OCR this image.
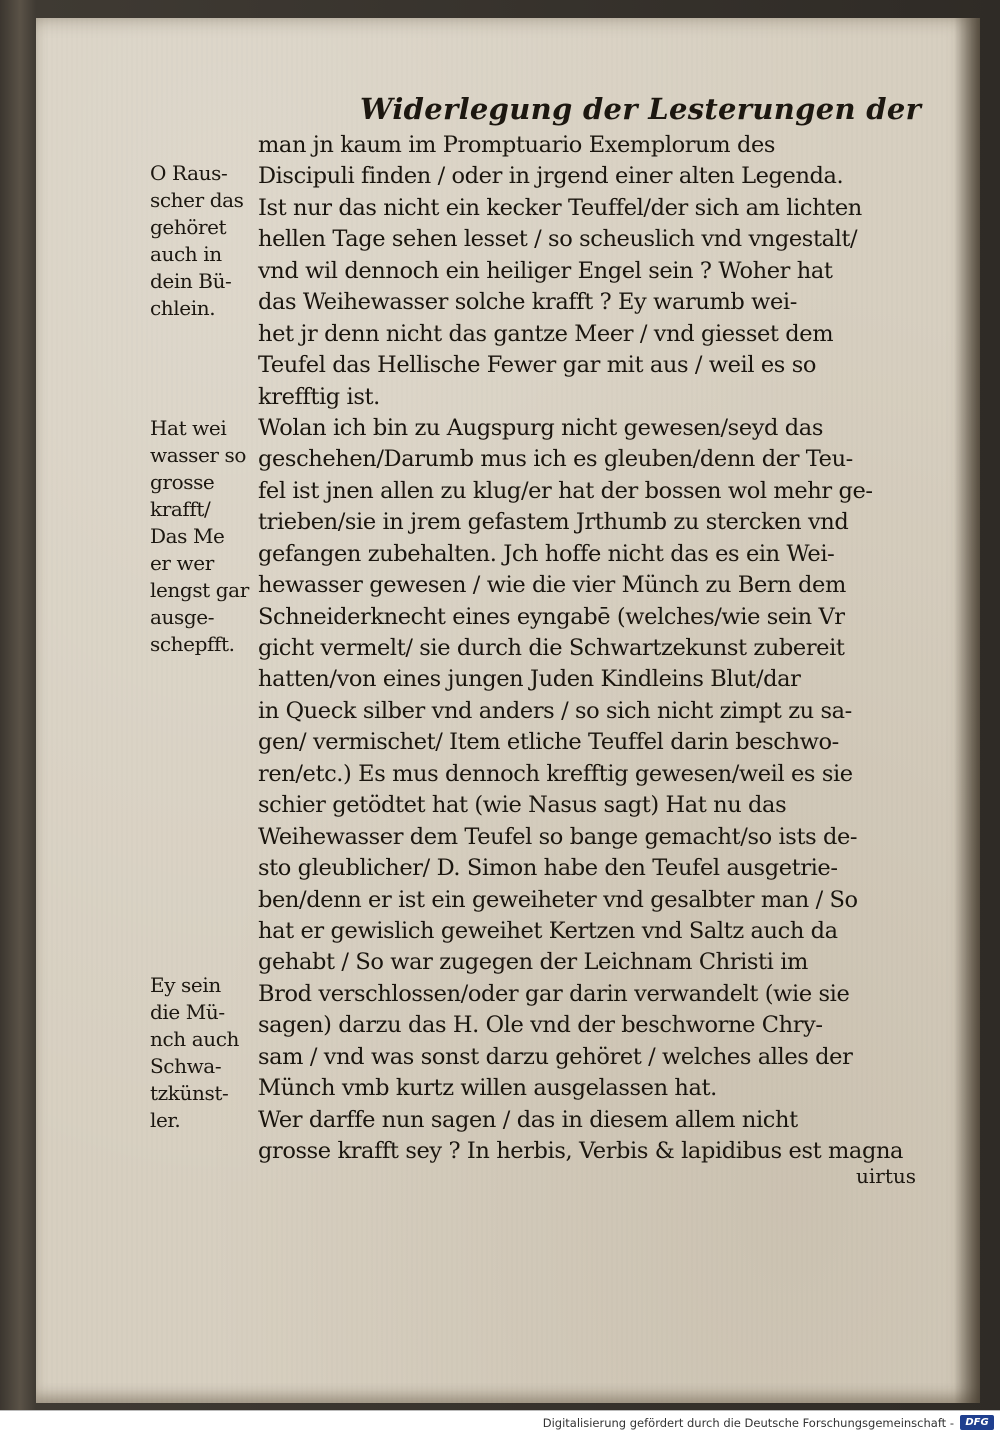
Widerlegung der Lesterungen der
man jn kaum im Promptuario Exemplorum des
Discipuli finden / oder in jrgend einer alten Legenda.
Ist nur das nicht ein kecker Teuffel/der sich am lichten
hellen Tage sehen lesset / so scheuslich vnd vngestalt/
vnd wil dennoch ein heiliger Engel sein ? Woher hat
das Weihewasser solche krafft ? Ey warumb wei-
het jr denn nicht das gantze Meer / vnd giesset dem
Teufel das Hellische Fewer gar mit aus / weil es so
krefftig ist.
Wolan ich bin zu Augspurg nicht gewesen/seyd das
geschehen/Darumb mus ich es gleuben/denn der Teu-
fel ist jnen allen zu klug/er hat der bossen wol mehr ge-
trieben/sie in jrem gefastem Jrthumb zu stercken vnd
gefangen zubehalten. Jch hoffe nicht das es ein Wei-
hewasser gewesen / wie die vier Münch zu Bern dem
Schneiderknecht eines eyngabē (welches/wie sein Vr
gicht vermelt/ sie durch die Schwartzekunst zubereit
hatten/von eines jungen Juden Kindleins Blut/dar
in Queck silber vnd anders / so sich nicht zimpt zu sa-
gen/ vermischet/ Item etliche Teuffel darin beschwo-
ren/etc.) Es mus dennoch krefftig gewesen/weil es sie
schier getödtet hat (wie Nasus sagt) Hat nu das
Weihewasser dem Teufel so bange gemacht/so ists de-
sto gleublicher/ D. Simon habe den Teufel ausgetrie-
ben/denn er ist ein geweiheter vnd gesalbter man / So
hat er gewislich geweihet Kertzen vnd Saltz auch da
gehabt / So war zugegen der Leichnam Christi im
Brod verschlossen/oder gar darin verwandelt (wie sie
sagen) darzu das H. Ole vnd der beschworne Chry-
sam / vnd was sonst darzu gehöret / welches alles der
Münch vmb kurtz willen ausgelassen hat.
Wer darffe nun sagen / das in diesem allem nicht
grosse krafft sey ? In herbis, Verbis & lapidibus est magna
O Raus-
scher das
gehöret
auch in
dein Bü-
chlein.
Hat wei
wasser so
grosse
krafft/
Das Me
er wer
lengst gar
ausge-
schepfft.
Ey sein
die Mü-
nch auch
Schwa-
tzkünst-
ler.
uirtus
Digitalisierung gefördert durch die Deutsche Forschungsgemeinschaft -	DFG
